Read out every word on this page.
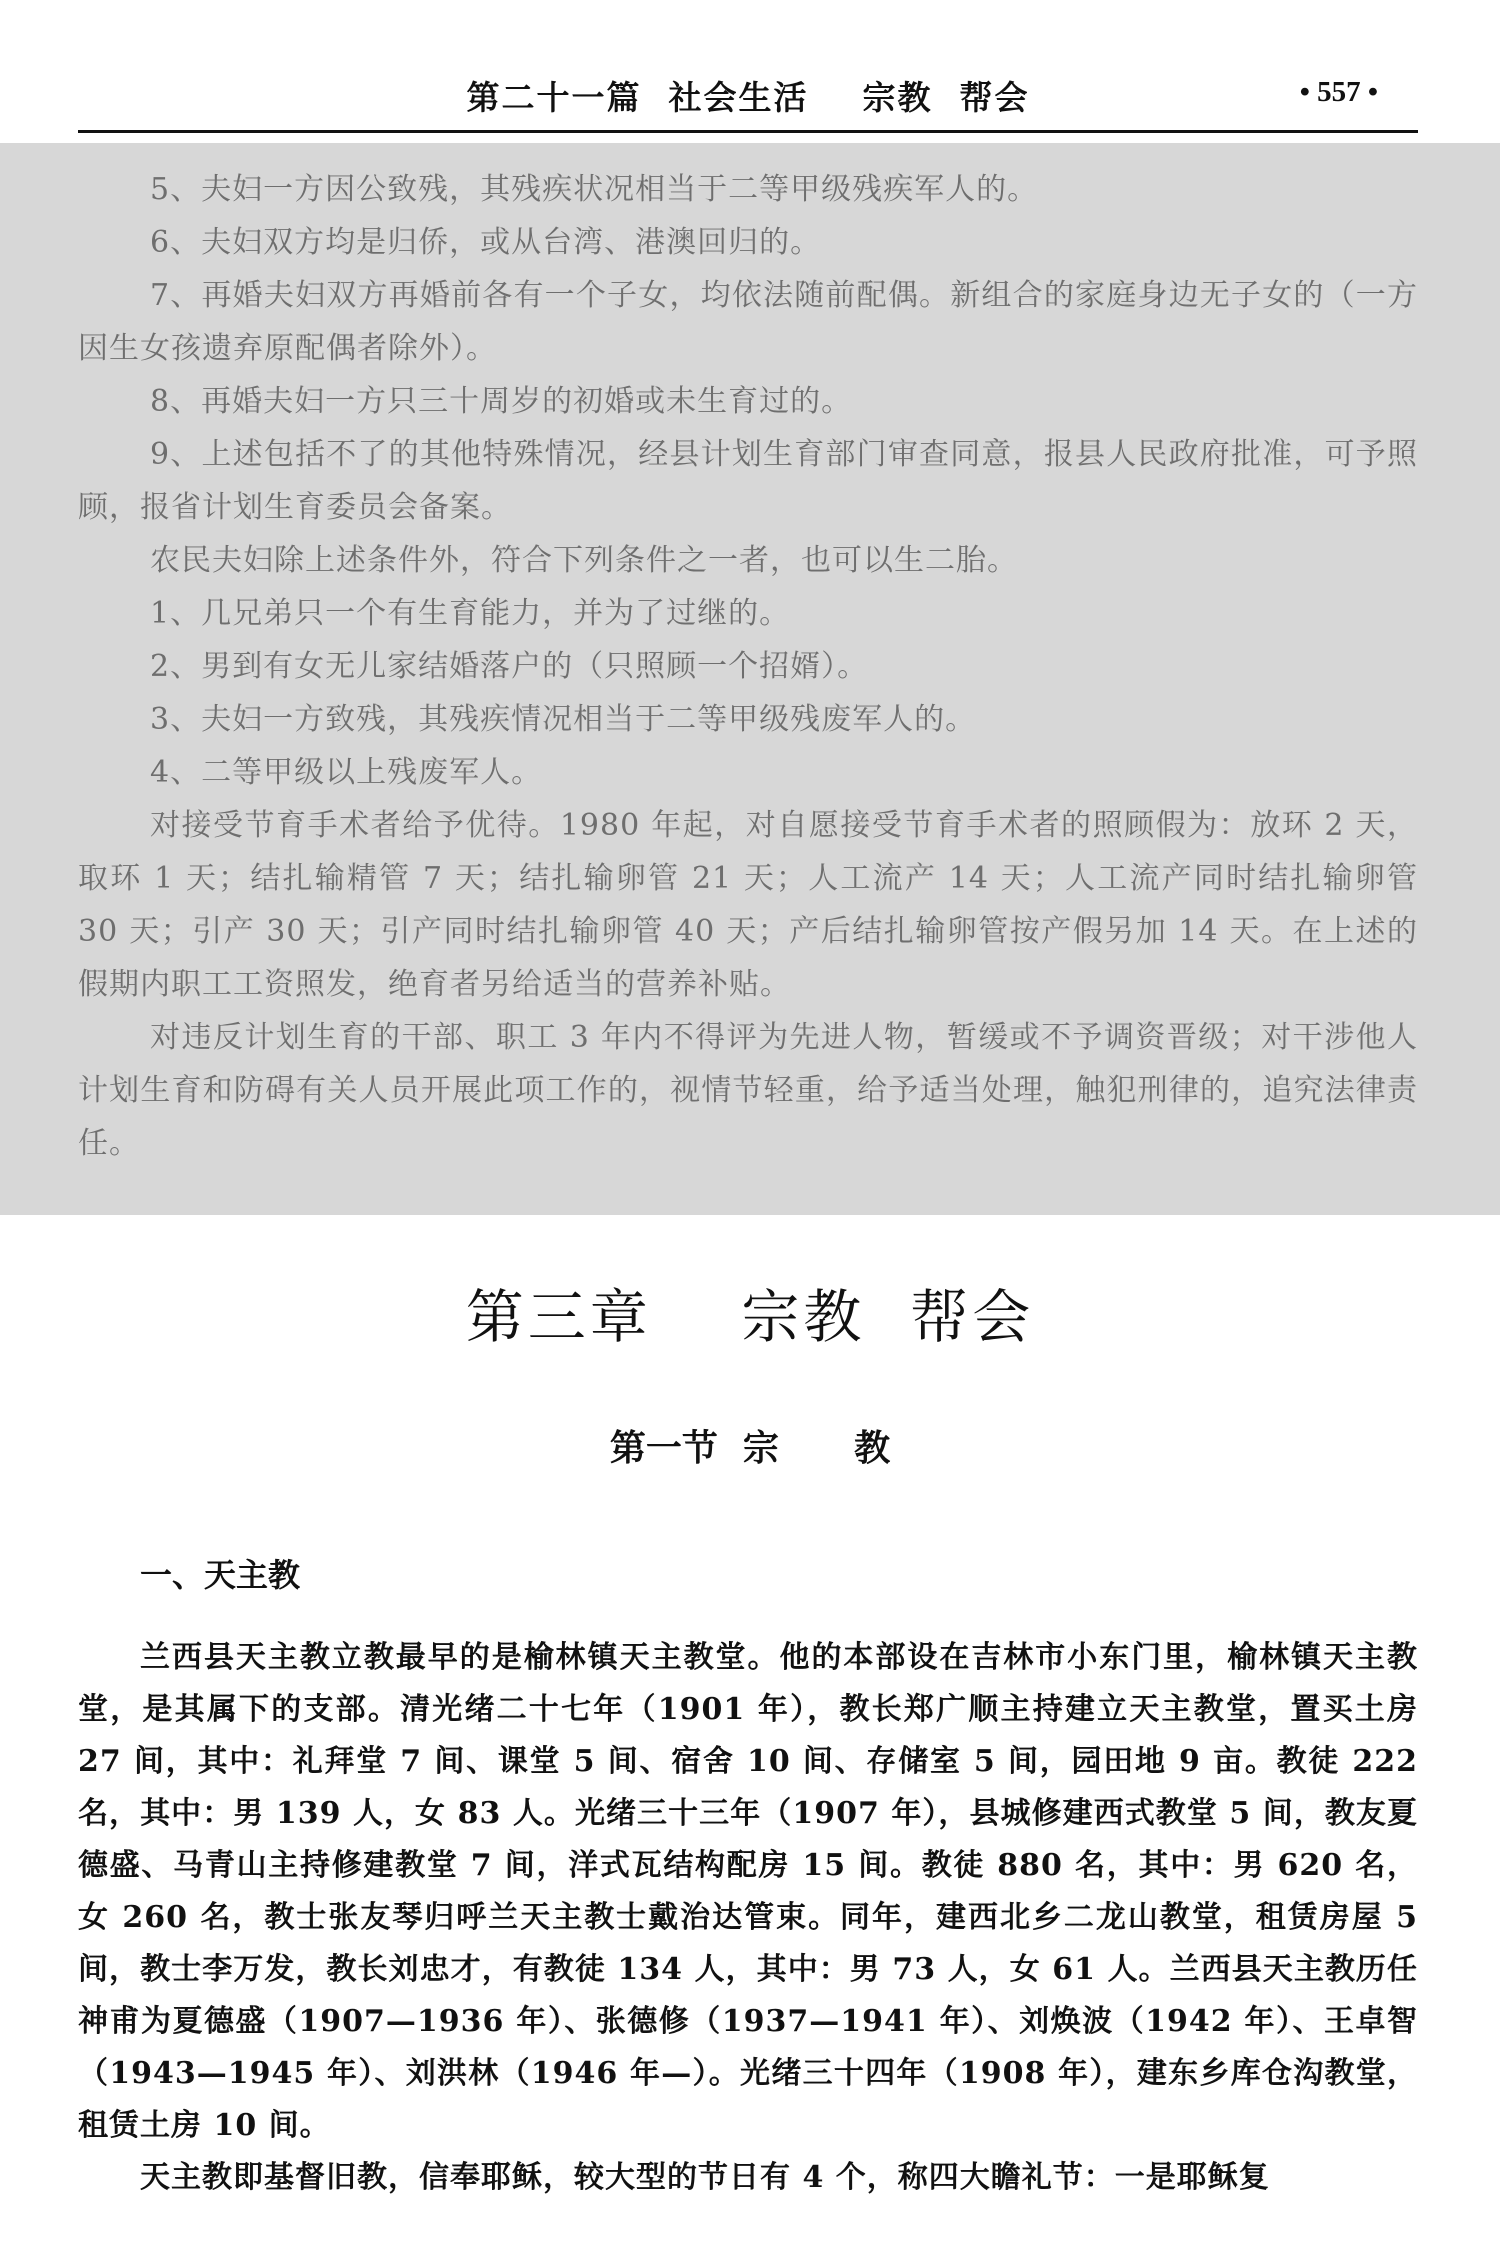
第二十一篇  社会生活    宗教  帮会	• 557 •

5、夫妇一方因公致残，其残疾状况相当于二等甲级残疾军人的。

6、夫妇双方均是归侨，或从台湾、港澳回归的。

7、再婚夫妇双方再婚前各有一个子女，均依法随前配偶。新组合的家庭身边无子女的（一方因生女孩遗弃原配偶者除外）。

8、再婚夫妇一方只三十周岁的初婚或未生育过的。

9、上述包括不了的其他特殊情况，经县计划生育部门审查同意，报县人民政府批准，可予照顾，报省计划生育委员会备案。

农民夫妇除上述条件外，符合下列条件之一者，也可以生二胎。

1、几兄弟只一个有生育能力，并为了过继的。

2、男到有女无儿家结婚落户的（只照顾一个招婿）。

3、夫妇一方致残，其残疾情况相当于二等甲级残废军人的。

4、二等甲级以上残废军人。

对接受节育手术者给予优待。1980 年起，对自愿接受节育手术者的照顾假为：放环 2 天，取环 1 天；结扎输精管 7 天；结扎输卵管 21 天；人工流产 14 天；人工流产同时结扎输卵管 30 天；引产 30 天；引产同时结扎输卵管 40 天；产后结扎输卵管按产假另加 14 天。在上述的假期内职工工资照发，绝育者另给适当的营养补贴。

对违反计划生育的干部、职工 3 年内不得评为先进人物，暂缓或不予调资晋级；对干涉他人计划生育和防碍有关人员开展此项工作的，视情节轻重，给予适当处理，触犯刑律的，追究法律责任。

第三章    宗教  帮会
第一节  宗      教
一、天主教

兰西县天主教立教最早的是榆林镇天主教堂。他的本部设在吉林市小东门里，榆林镇天主教堂，是其属下的支部。清光绪二十七年（1901 年），教长郑广顺主持建立天主教堂，置买土房 27 间，其中：礼拜堂 7 间、课堂 5 间、宿舍 10 间、存储室 5 间，园田地 9 亩。教徒 222 名，其中：男 139 人，女 83 人。光绪三十三年（1907 年），县城修建西式教堂 5 间，教友夏德盛、马青山主持修建教堂 7 间，洋式瓦结构配房 15 间。教徒 880 名，其中：男 620 名，女 260 名，教士张友琴归呼兰天主教士戴治达管束。同年，建西北乡二龙山教堂，租赁房屋 5 间，教士李万发，教长刘忠才，有教徒 134 人，其中：男 73 人，女 61 人。兰西县天主教历任神甫为夏德盛（1907—1936 年）、张德修（1937—1941 年）、刘焕波（1942 年）、王卓智（1943—1945 年）、刘洪林（1946 年—）。光绪三十四年（1908 年），建东乡库仓沟教堂，租赁土房 10 间。

天主教即基督旧教，信奉耶稣，较大型的节日有 4 个，称四大瞻礼节：一是耶稣复
